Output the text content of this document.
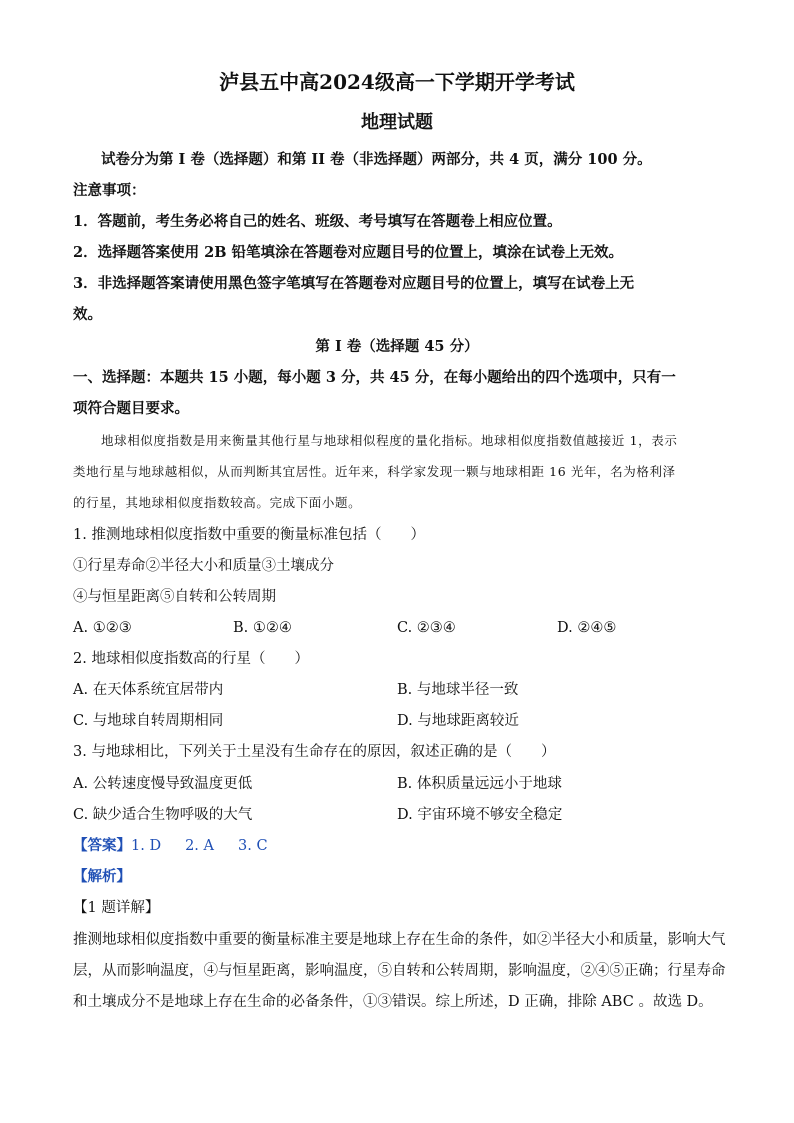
泸县五中高2024级高一下学期开学考试
地理试题
试卷分为第 I 卷（选择题）和第 II 卷（非选择题）两部分，共 4 页，满分 100 分。
注意事项：
1．答题前，考生务必将自己的姓名、班级、考号填写在答题卷上相应位置。
2．选择题答案使用 2B 铅笔填涂在答题卷对应题目号的位置上，填涂在试卷上无效。
3．非选择题答案请使用黑色签字笔填写在答题卷对应题目号的位置上，填写在试卷上无
效。
第 I 卷（选择题 45 分）
一、选择题：本题共 15 小题，每小题 3 分，共 45 分，在每小题给出的四个选项中，只有一
项符合题目要求。
地球相似度指数是用来衡量其他行星与地球相似程度的量化指标。地球相似度指数值越接近 1，表示
类地行星与地球越相似，从而判断其宜居性。近年来，科学家发现一颗与地球相距 16 光年，名为格利泽
的行星，其地球相似度指数较高。完成下面小题。
1. 推测地球相似度指数中重要的衡量标准包括（　　）
①行星寿命②半径大小和质量③土壤成分
④与恒星距离⑤自转和公转周期
A. ①②③	B. ①②④	C. ②③④	D. ②④⑤
2. 地球相似度指数高的行星（　　）
A. 在天体系统宜居带内	B. 与地球半径一致
C. 与地球自转周期相同	D. 与地球距离较近
3. 与地球相比，下列关于土星没有生命存在的原因，叙述正确的是（　　）
A. 公转速度慢导致温度更低	B. 体积质量远远小于地球
C. 缺少适合生物呼吸的大气	D. 宇宙环境不够安全稳定
【答案】1. D 2. A 3. C
【解析】
【1 题详解】
推测地球相似度指数中重要的衡量标准主要是地球上存在生命的条件，如②半径大小和质量，影响大气
层，从而影响温度，④与恒星距离，影响温度，⑤自转和公转周期，影响温度，②④⑤正确；行星寿命
和土壤成分不是地球上存在生命的必备条件，①③错误。综上所述，D 正确，排除 ABC 。故选 D。
